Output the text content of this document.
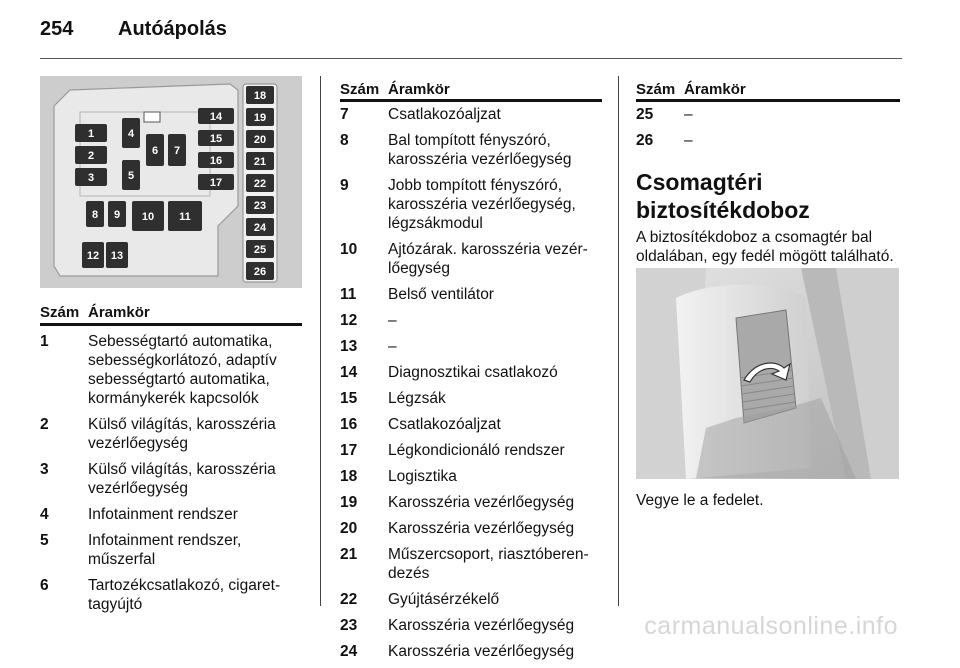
254 Autóápolás
1
2
3
4
5
6 7
8 9 10 11
12 13
14
15
16
17
18
19
20
21
22
23
24
25
26
Szám Áramkör
1	Sebességtartó automatika, sebességkorlátozó, adaptív sebességtartó automatika, kormánykerék kapcsolók
2	Külső világítás, karosszéria vezérlőegység
3	Külső világítás, karosszéria vezérlőegység
4	Infotainment rendszer
5	Infotainment rendszer, műszerfal
6	Tartozékcsatlakozó, cigaret-tagyújtó
Szám Áramkör
7	Csatlakozóaljzat
8	Bal tompított fényszóró, karosszéria vezérlőegység
9	Jobb tompított fényszóró, karosszéria vezérlőegység, légzsákmodul
10	Ajtózárak. karosszéria vezér-lőegység
11	Belső ventilátor
12	–
13	–
14	Diagnosztikai csatlakozó
15	Légzsák
16	Csatlakozóaljzat
17	Légkondicionáló rendszer
18	Logisztika
19	Karosszéria vezérlőegység
20	Karosszéria vezérlőegység
21	Műszercsoport, riasztóberen-dezés
22	Gyújtásérzékelő
23	Karosszéria vezérlőegység
24	Karosszéria vezérlőegység
Szám Áramkör
25	–
26	–
Csomagtéri biztosítékdoboz
A biztosítékdoboz a csomagtér bal oldalában, egy fedél mögött található.
Vegye le a fedelet.
carmanualsonline.info
